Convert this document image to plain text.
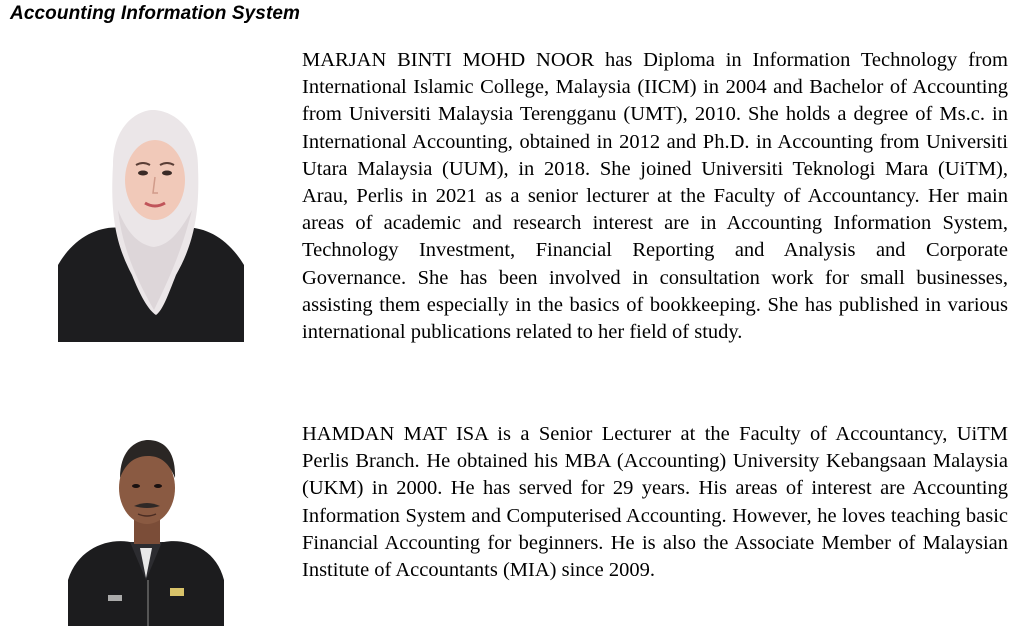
Accounting Information System

MARJAN BINTI MOHD NOOR has Diploma in Information Technology from International Islamic College, Malaysia (IICM) in 2004 and Bachelor of Accounting from Universiti Malaysia Terengganu (UMT), 2010. She holds a degree of Ms.c. in International Accounting, obtained in 2012 and Ph.D. in Accounting from Universiti Utara Malaysia (UUM), in 2018. She joined Universiti Teknologi Mara (UiTM), Arau, Perlis in 2021 as a senior lecturer at the Faculty of Accountancy. Her main areas of academic and research interest are in Accounting Information System, Technology Investment, Financial Reporting and Analysis and Corporate Governance. She has been involved in consultation work for small businesses, assisting them especially in the basics of bookkeeping. She has published in various international publications related to her field of study.

HAMDAN MAT ISA is a Senior Lecturer at the Faculty of Accountancy, UiTM Perlis Branch. He obtained his MBA (Accounting) University Kebangsaan Malaysia (UKM) in 2000. He has served for 29 years. His areas of interest are Accounting Information System and Computerised Accounting. However, he loves teaching basic Financial Accounting for beginners. He is also the Associate Member of Malaysian Institute of Accountants (MIA) since 2009.
